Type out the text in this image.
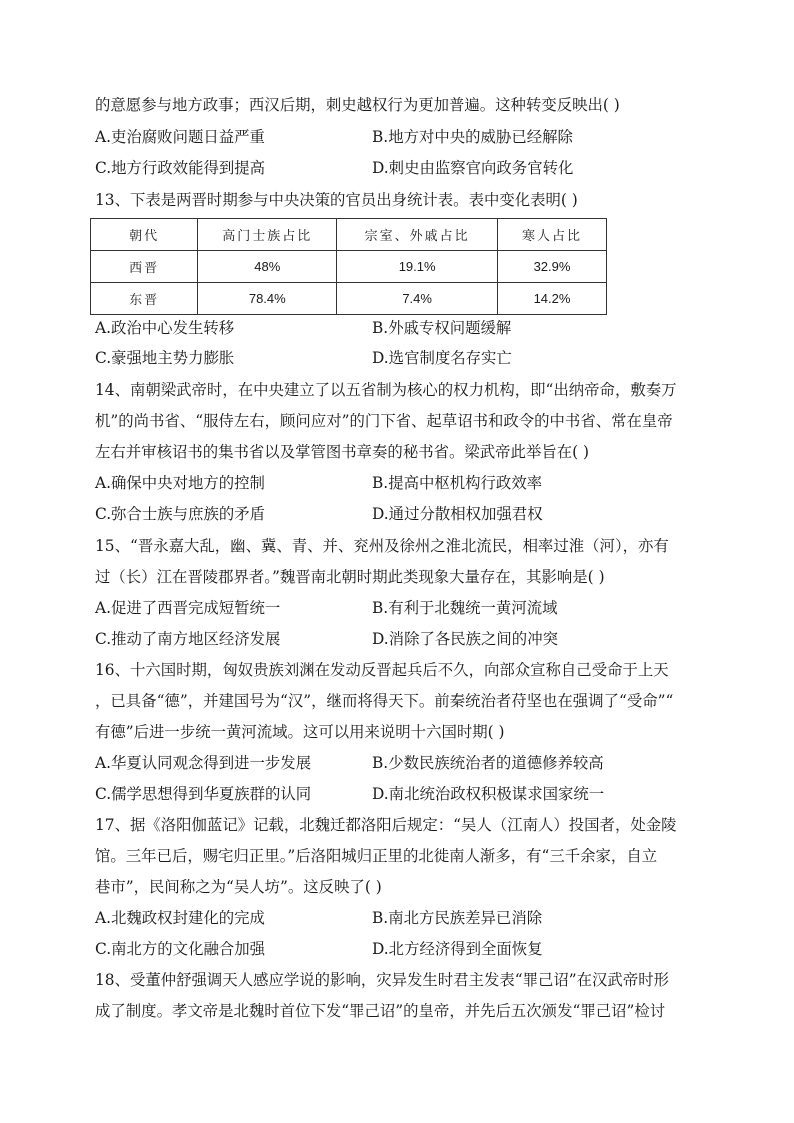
的意愿参与地方政事；西汉后期，刺史越权行为更加普遍。这种转变反映出( )
A.吏治腐败问题日益严重	B.地方对中央的威胁已经解除
C.地方行政效能得到提高	D.刺史由监察官向政务官转化
13、下表是两晋时期参与中央决策的官员出身统计表。表中变化表明( )
朝代	高门士族占比	宗室、外戚占比	寒人占比
西晋	48%	19.1%	32.9%
东晋	78.4%	7.4%	14.2%
A.政治中心发生转移	B.外戚专权问题缓解
C.豪强地主势力膨胀	D.选官制度名存实亡
14、南朝梁武帝时，在中央建立了以五省制为核心的权力机构，即“出纳帝命，敷奏万
机”的尚书省、“服侍左右，顾问应对”的门下省、起草诏书和政令的中书省、常在皇帝
左右并审核诏书的集书省以及掌管图书章奏的秘书省。梁武帝此举旨在( )
A.确保中央对地方的控制	B.提高中枢机构行政效率
C.弥合士族与庶族的矛盾	D.通过分散相权加强君权
15、“晋永嘉大乱，幽、冀、青、并、兖州及徐州之淮北流民，相率过淮（河），亦有
过（长）江在晋陵郡界者。”魏晋南北朝时期此类现象大量存在，其影响是( )
A.促进了西晋完成短暂统一	B.有利于北魏统一黄河流域
C.推动了南方地区经济发展	D.消除了各民族之间的冲突
16、十六国时期，匈奴贵族刘渊在发动反晋起兵后不久，向部众宣称自己受命于上天
，已具备“德”，并建国号为“汉”，继而将得天下。前秦统治者苻坚也在强调了“受命”“
有德”后进一步统一黄河流域。这可以用来说明十六国时期( )
A.华夏认同观念得到进一步发展	B.少数民族统治者的道德修养较高
C.儒学思想得到华夏族群的认同	D.南北统治政权积极谋求国家统一
17、据《洛阳伽蓝记》记载，北魏迁都洛阳后规定：“吴人（江南人）投国者，处金陵
馆。三年已后，赐宅归正里。”后洛阳城归正里的北徙南人渐多，有“三千余家，自立
巷市”，民间称之为“吴人坊”。这反映了( )
A.北魏政权封建化的完成	B.南北方民族差异已消除
C.南北方的文化融合加强	D.北方经济得到全面恢复
18、受董仲舒强调天人感应学说的影响，灾异发生时君主发表“罪己诏”在汉武帝时形
成了制度。孝文帝是北魏时首位下发“罪己诏”的皇帝，并先后五次颁发“罪己诏”检讨
